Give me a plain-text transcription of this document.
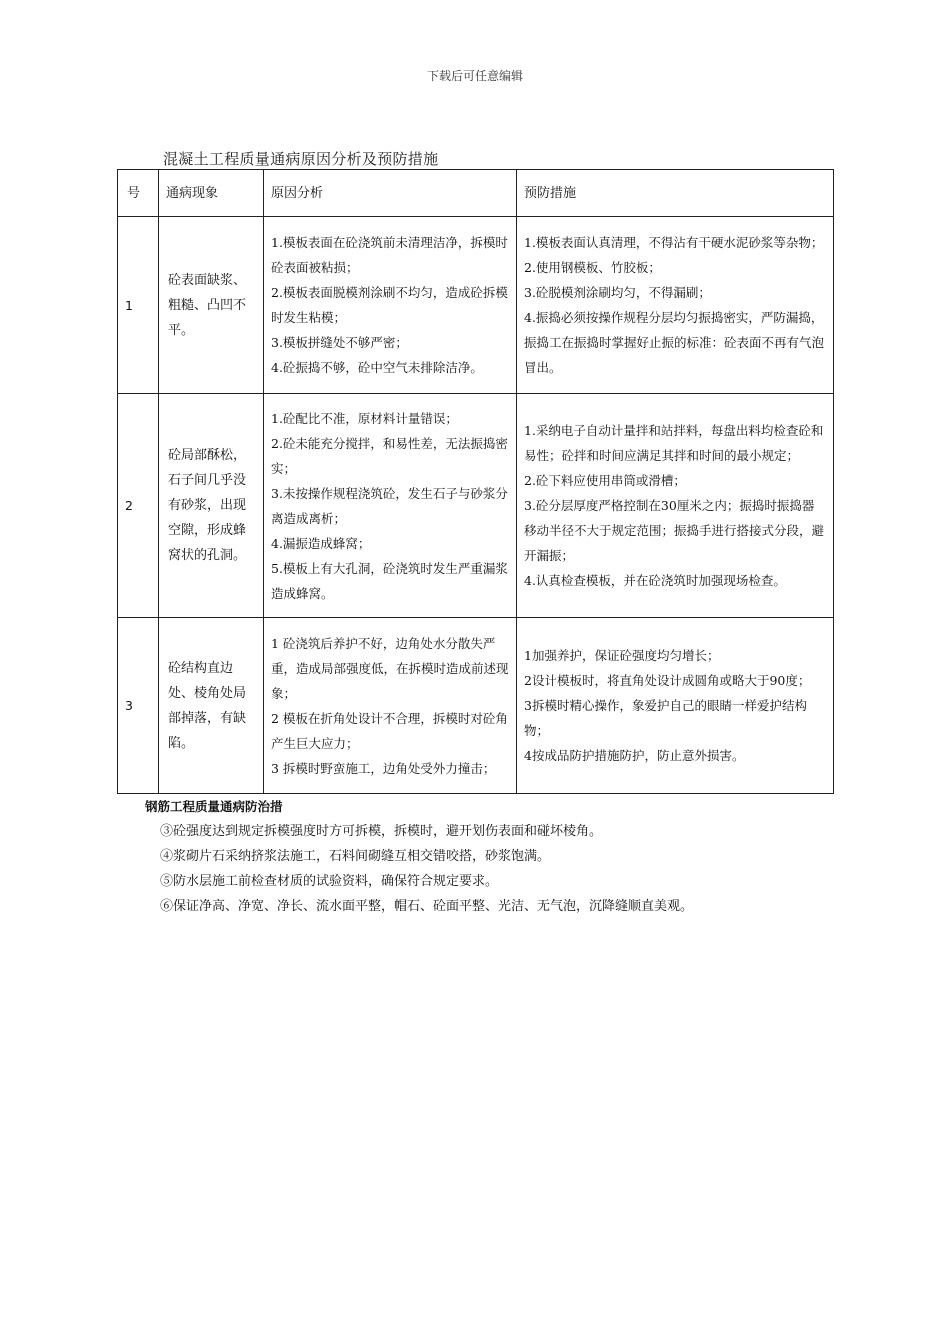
下载后可任意编辑
混凝土工程质量通病原因分析及预防措施
号	通病现象	原因分析	预防措施
1	砼表面缺浆、粗糙、凸凹不平。	1.模板表面在砼浇筑前未清理洁净，拆模时砼表面被粘损；
2.模板表面脱模剂涂刷不均匀，造成砼拆模时发生粘模；
3.模板拼缝处不够严密；
4.砼振捣不够，砼中空气未排除洁净。	1.模板表面认真清理，不得沾有干硬水泥砂浆等杂物；
2.使用钢模板、竹胶板；
3.砼脱模剂涂刷均匀，不得漏刷；
4.振捣必须按操作规程分层均匀振捣密实，严防漏捣，振捣工在振捣时掌握好止振的标准：砼表面不再有气泡冒出。

2	砼局部酥松，石子间几乎没有砂浆，出现空隙，形成蜂窝状的孔洞。	1.砼配比不准，原材料计量错误；
2.砼未能充分搅拌，和易性差，无法振捣密实；
3.未按操作规程浇筑砼，发生石子与砂浆分离造成离析；
4.漏振造成蜂窝；
5.模板上有大孔洞，砼浇筑时发生严重漏浆造成蜂窝。	1.采纳电子自动计量拌和站拌料，每盘出料均检查砼和易性；砼拌和时间应满足其拌和时间的最小规定；
2.砼下料应使用串筒或滑槽；
3.砼分层厚度严格控制在30厘米之内；振捣时振捣器移动半径不大于规定范围；振捣手进行搭接式分段，避开漏振；
4.认真检查模板，并在砼浇筑时加强现场检查。

3	砼结构直边处、棱角处局部掉落，有缺陷。	1 砼浇筑后养护不好，边角处水分散失严重，造成局部强度低，在拆模时造成前述现象；
2 模板在折角处设计不合理，拆模时对砼角产生巨大应力；
3 拆模时野蛮施工，边角处受外力撞击；	1加强养护，保证砼强度均匀增长；
2设计模板时，将直角处设计成圆角或略大于90度；
3拆模时精心操作，象爱护自己的眼睛一样爱护结构物；
4按成品防护措施防护，防止意外损害。
钢筋工程质量通病防治措
③砼强度达到规定拆模强度时方可拆模，拆模时，避开划伤表面和碰坏棱角。
④浆砌片石采纳挤浆法施工，石料间砌缝互相交错咬搭，砂浆饱满。
⑤防水层施工前检查材质的试验资料，确保符合规定要求。
⑥保证净高、净宽、净长、流水面平整，帽石、砼面平整、光洁、无气泡，沉降缝顺直美观。
